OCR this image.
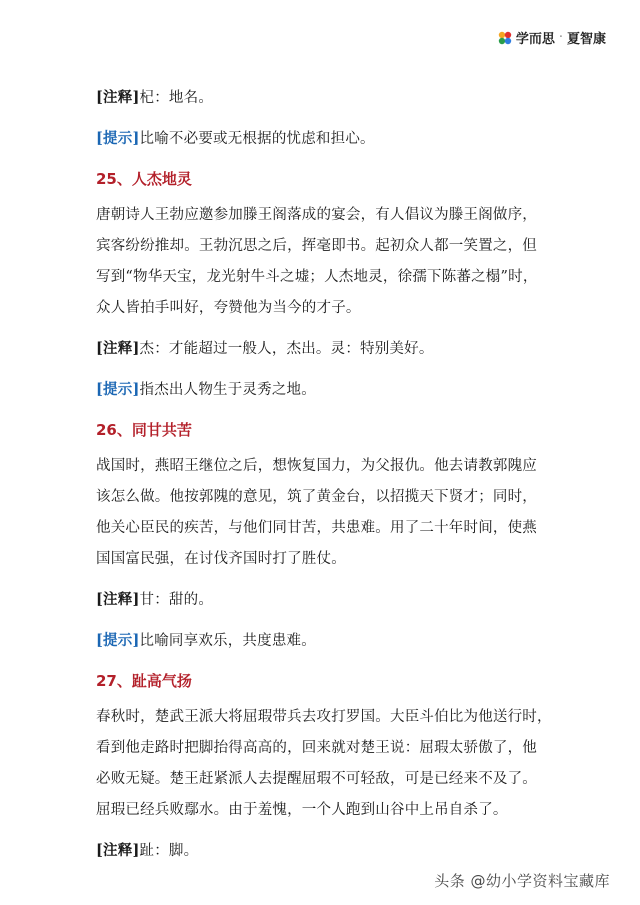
学而思 · 夏智康

[注释]杞：地名。

[提示]比喻不必要或无根据的忧虑和担心。

25、人杰地灵

唐朝诗人王勃应邀参加滕王阁落成的宴会，有人倡议为滕王阁做序，

宾客纷纷推却。王勃沉思之后，挥毫即书。起初众人都一笑置之，但

写到“物华天宝，龙光射牛斗之墟；人杰地灵，徐孺下陈蕃之榻”时，

众人皆拍手叫好，夸赞他为当今的才子。

[注释]杰：才能超过一般人，杰出。灵：特别美好。

[提示]指杰出人物生于灵秀之地。

26、同甘共苦

战国时，燕昭王继位之后，想恢复国力，为父报仇。他去请教郭隗应

该怎么做。他按郭隗的意见，筑了黄金台，以招揽天下贤才；同时，

他关心臣民的疾苦，与他们同甘苦，共患难。用了二十年时间，使燕

国国富民强，在讨伐齐国时打了胜仗。

[注释]甘：甜的。

[提示]比喻同享欢乐，共度患难。

27、趾高气扬

春秋时，楚武王派大将屈瑕带兵去攻打罗国。大臣斗伯比为他送行时，

看到他走路时把脚抬得高高的，回来就对楚王说：屈瑕太骄傲了，他

必败无疑。楚王赶紧派人去提醒屈瑕不可轻敌，可是已经来不及了。

屈瑕已经兵败鄢水。由于羞愧，一个人跑到山谷中上吊自杀了。

[注释]趾：脚。

头条 @幼小学资料宝藏库
